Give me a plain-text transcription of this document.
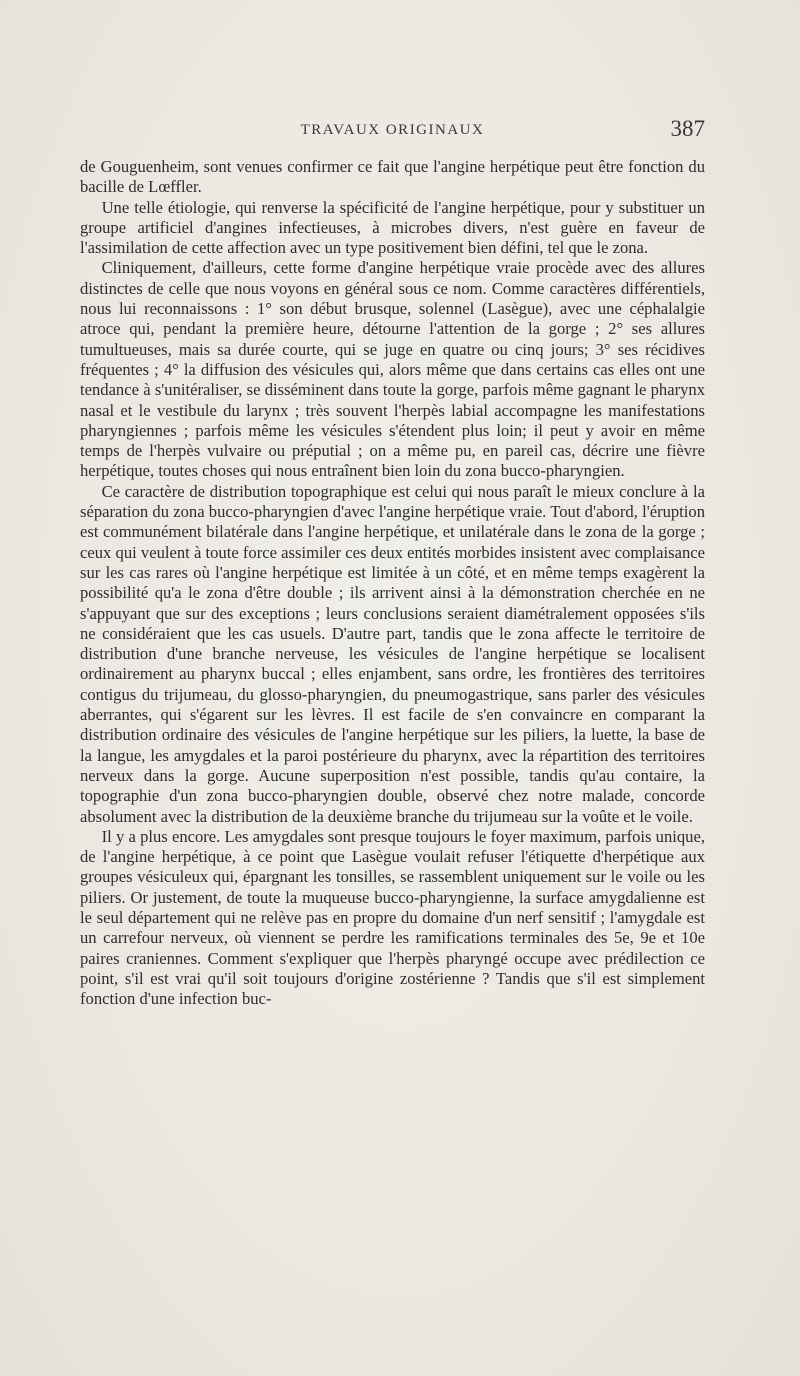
TRAVAUX ORIGINAUX	387

de Gouguenheim, sont venues confirmer ce fait que l'angine herpétique peut être fonction du bacille de Lœffler.

Une telle étiologie, qui renverse la spécificité de l'angine herpétique, pour y substituer un groupe artificiel d'angines infectieuses, à microbes divers, n'est guère en faveur de l'assimilation de cette affection avec un type positivement bien défini, tel que le zona.

Cliniquement, d'ailleurs, cette forme d'angine herpétique vraie procède avec des allures distinctes de celle que nous voyons en général sous ce nom. Comme caractères différentiels, nous lui reconnaissons : 1° son début brusque, solennel (Lasègue), avec une céphalalgie atroce qui, pendant la première heure, détourne l'attention de la gorge ; 2° ses allures tumultueuses, mais sa durée courte, qui se juge en quatre ou cinq jours; 3° ses récidives fréquentes ; 4° la diffusion des vésicules qui, alors même que dans certains cas elles ont une tendance à s'unitéraliser, se disséminent dans toute la gorge, parfois même gagnant le pharynx nasal et le vestibule du larynx ; très souvent l'herpès labial accompagne les manifestations pharyngiennes ; parfois même les vésicules s'étendent plus loin; il peut y avoir en même temps de l'herpès vulvaire ou préputial ; on a même pu, en pareil cas, décrire une fièvre herpétique, toutes choses qui nous entraînent bien loin du zona bucco-pharyngien.

Ce caractère de distribution topographique est celui qui nous paraît le mieux conclure à la séparation du zona bucco-pharyngien d'avec l'angine herpétique vraie. Tout d'abord, l'éruption est communément bilatérale dans l'angine herpétique, et unilatérale dans le zona de la gorge ; ceux qui veulent à toute force assimiler ces deux entités morbides insistent avec complaisance sur les cas rares où l'angine herpétique est limitée à un côté, et en même temps exagèrent la possibilité qu'a le zona d'être double ; ils arrivent ainsi à la démonstration cherchée en ne s'appuyant que sur des exceptions ; leurs conclusions seraient diamétralement opposées s'ils ne considéraient que les cas usuels. D'autre part, tandis que le zona affecte le territoire de distribution d'une branche nerveuse, les vésicules de l'angine herpétique se localisent ordinairement au pharynx buccal ; elles enjambent, sans ordre, les frontières des territoires contigus du trijumeau, du glosso-pharyngien, du pneumogastrique, sans parler des vésicules aberrantes, qui s'égarent sur les lèvres. Il est facile de s'en convaincre en comparant la distribution ordinaire des vésicules de l'angine herpétique sur les piliers, la luette, la base de la langue, les amygdales et la paroi postérieure du pharynx, avec la répartition des territoires nerveux dans la gorge. Aucune superposition n'est possible, tandis qu'au contaire, la topographie d'un zona bucco-pharyngien double, observé chez notre malade, concorde absolument avec la distribution de la deuxième branche du trijumeau sur la voûte et le voile.

Il y a plus encore. Les amygdales sont presque toujours le foyer maximum, parfois unique, de l'angine herpétique, à ce point que Lasègue voulait refuser l'étiquette d'herpétique aux groupes vésiculeux qui, épargnant les tonsilles, se rassemblent uniquement sur le voile ou les piliers. Or justement, de toute la muqueuse bucco-pharyngienne, la surface amygdalienne est le seul département qui ne relève pas en propre du domaine d'un nerf sensitif ; l'amygdale est un carrefour nerveux, où viennent se perdre les ramifications terminales des 5e, 9e et 10e paires craniennes. Comment s'expliquer que l'herpès pharyngé occupe avec prédilection ce point, s'il est vrai qu'il soit toujours d'origine zostérienne ? Tandis que s'il est simplement fonction d'une infection buc-
